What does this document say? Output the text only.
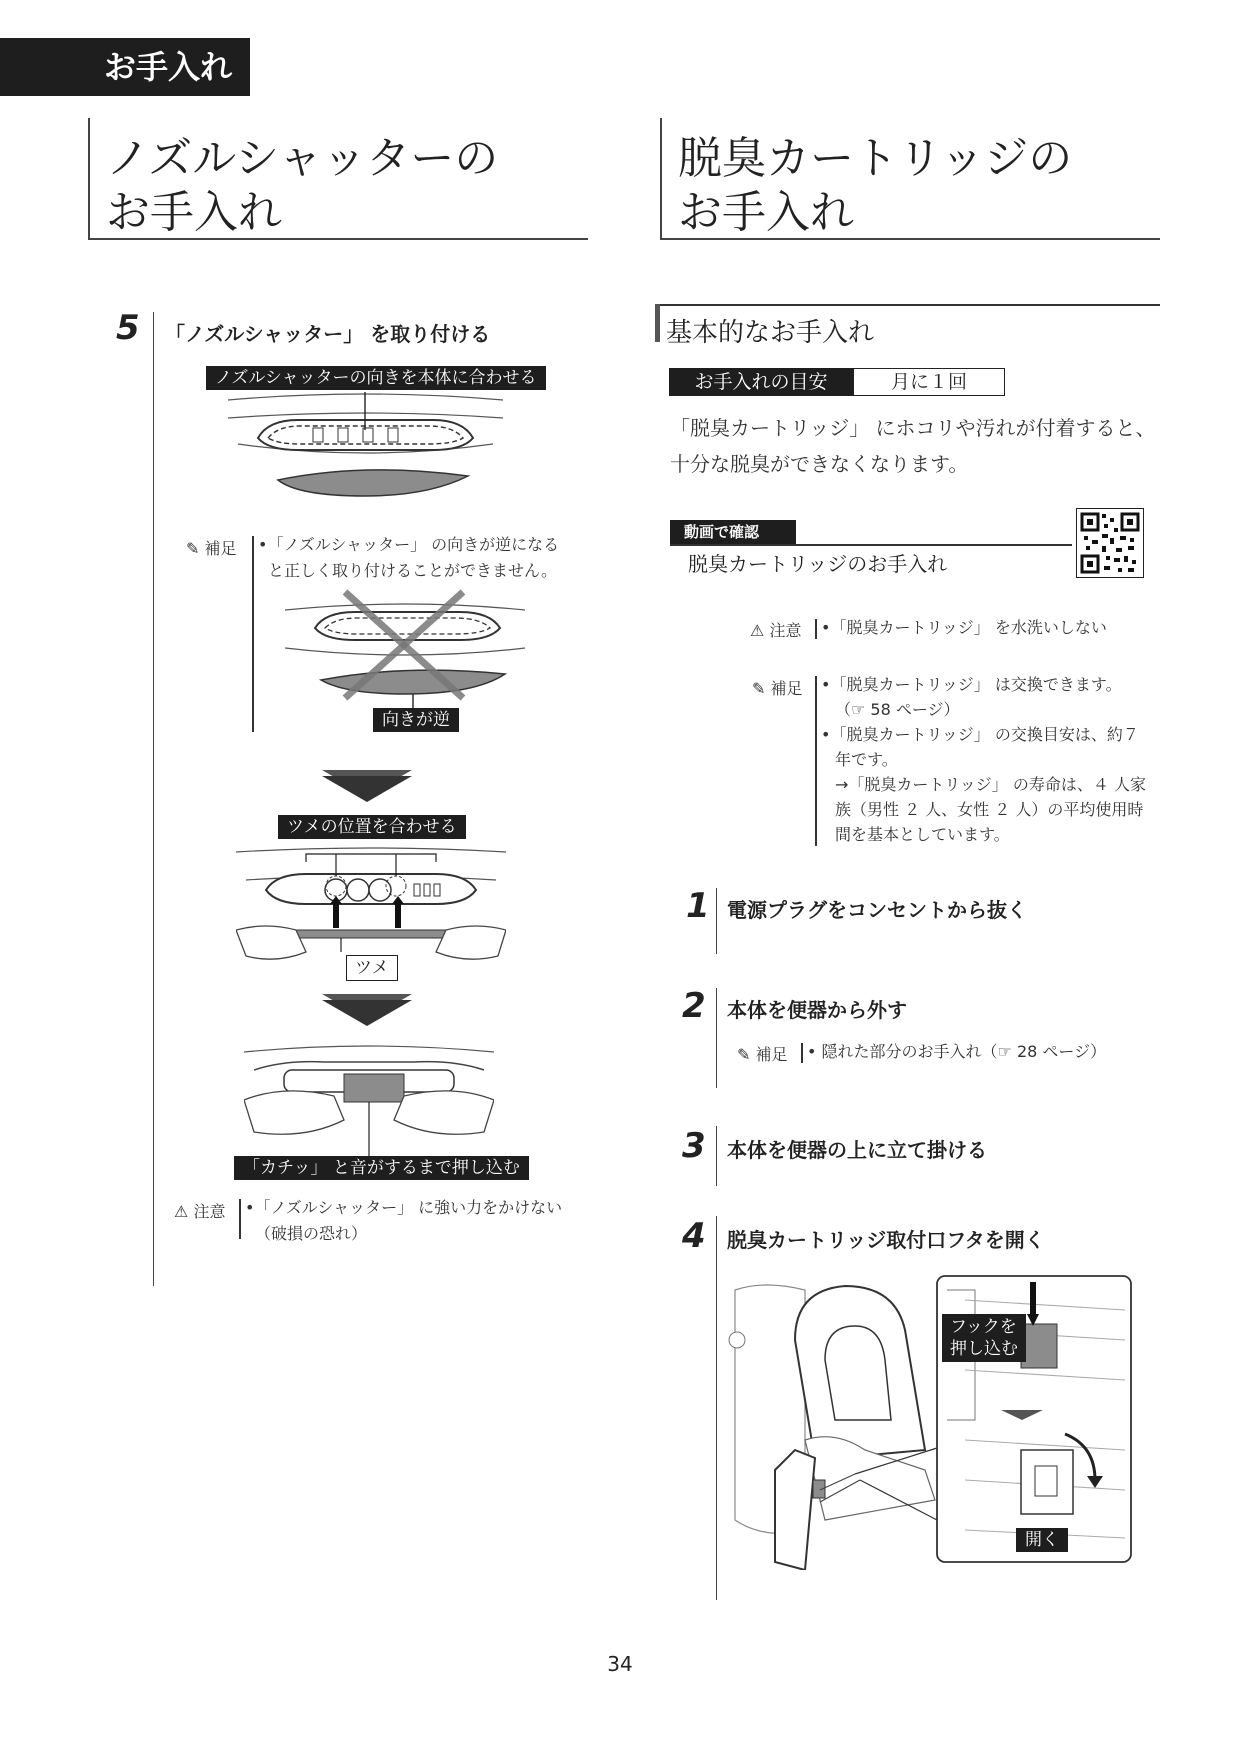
お手入れ
ノズルシャッターの
お手入れ
脱臭カートリッジの
お手入れ
5 「ノズルシャッター」 を取り付ける
ノズルシャッターの向きを本体に合わせる
✎ 補足 •「ノズルシャッター」 の向きが逆になる
と正しく取り付けることができません。
向きが逆
ツメの位置を合わせる
ツメ
「カチッ」 と音がするまで押し込む
⚠ 注意 •「ノズルシャッター」 に強い力をかけない
（破損の恐れ）
基本的なお手入れ
お手入れの目安	月に１回
「脱臭カートリッジ」 にホコリや汚れが付着すると、
十分な脱臭ができなくなります。
動画で確認
脱臭カートリッジのお手入れ
⚠ 注意 •「脱臭カートリッジ」 を水洗いしない
✎ 補足 •「脱臭カートリッジ」 は交換できます。
（☞ 58 ページ）
•「脱臭カートリッジ」 の交換目安は、約７
年です。
→「脱臭カートリッジ」 の寿命は、４ 人家
族（男性 ２ 人、女性 ２ 人）の平均使用時
間を基本としています。
1 電源プラグをコンセントから抜く
2 本体を便器から外す
✎ 補足 • 隠れた部分のお手入れ（☞ 28 ページ）
3 本体を便器の上に立て掛ける
4 脱臭カートリッジ取付口フタを開く
フックを
押し込む
開く
34
